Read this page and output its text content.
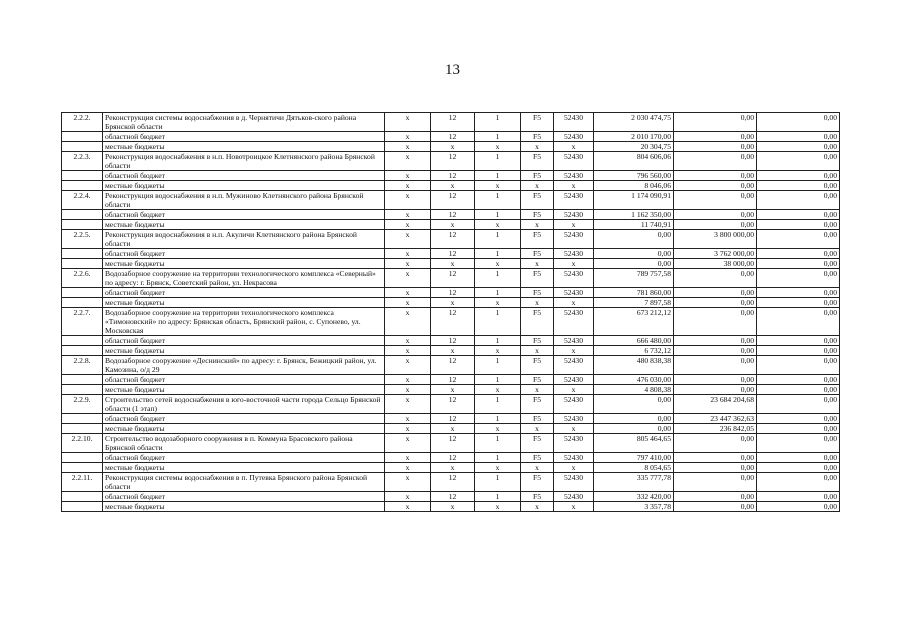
13
2.2.2.	Реконструкция системы водоснабжения в д. Чернятичи Дятьков-ского района Брянской области	x	12	1	F5	52430	2 030 474,75	0,00	0,00
	областной бюджет	x	12	1	F5	52430	2 010 170,00	0,00	0,00
	местные бюджеты	x	x	x	x	x	20 304,75	0,00	0,00
2.2.3.	Реконструкция водоснабжения в н.п. Новотроицкое Клетнянского района Брянской области	x	12	1	F5	52430	804 606,06	0,00	0,00
	областной бюджет	x	12	1	F5	52430	796 560,00	0,00	0,00
	местные бюджеты	x	x	x	x	x	8 046,06	0,00	0,00
2.2.4.	Реконструкция водоснабжения в н.п. Мужиново Клетнянского района Брянской области	x	12	1	F5	52430	1 174 090,91	0,00	0,00
	областной бюджет	x	12	1	F5	52430	1 162 350,00	0,00	0,00
	местные бюджеты	x	x	x	x	x	11 740,91	0,00	0,00
2.2.5.	Реконструкция водоснабжения в н.п. Акуличи Клетнянского района Брянской области	x	12	1	F5	52430	0,00	3 800 000,00	0,00
	областной бюджет	x	12	1	F5	52430	0,00	3 762 000,00	0,00
	местные бюджеты	x	x	x	x	x	0,00	38 000,00	0,00
2.2.6.	Водозаборное сооружение на территории технологического комплекса «Северный» по адресу: г. Брянск, Советский район, ул. Некрасова	x	12	1	F5	52430	789 757,58	0,00	0,00
	областной бюджет	x	12	1	F5	52430	781 860,00	0,00	0,00
	местные бюджеты	x	x	x	x	x	7 897,58	0,00	0,00
2.2.7.	Водозаборное сооружение на территории технологического комплекса «Тимоновский» по адресу: Брянская область, Брянский район, с. Супонево, ул. Московская	x	12	1	F5	52430	673 212,12	0,00	0,00
	областной бюджет	x	12	1	F5	52430	666 480,00	0,00	0,00
	местные бюджеты	x	x	x	x	x	6 732,12	0,00	0,00
2.2.8.	Водозаборное сооружение «Деснинский» по адресу: г. Брянск, Бежицкий район, ул. Камозина, о/д 29	x	12	1	F5	52430	480 838,38	0,00	0,00
	областной бюджет	x	12	1	F5	52430	476 030,00	0,00	0,00
	местные бюджеты	x	x	x	x	x	4 808,38	0,00	0,00
2.2.9.	Строительство сетей водоснабжения в юго-восточной части города Сельцо Брянской области (1 этап)	x	12	1	F5	52430	0,00	23 684 204,68	0,00
	областной бюджет	x	12	1	F5	52430	0,00	23 447 362,63	0,00
	местные бюджеты	x	x	x	x	x	0,00	236 842,05	0,00
2.2.10.	Строительство водозаборного сооружения в п. Коммуна Брасовского района Брянской области	x	12	1	F5	52430	805 464,65	0,00	0,00
	областной бюджет	x	12	1	F5	52430	797 410,00	0,00	0,00
	местные бюджеты	x	x	x	x	x	8 054,65	0,00	0,00
2.2.11.	Реконструкция системы водоснабжения в п. Путевка Брянского района Брянской области	x	12	1	F5	52430	335 777,78	0,00	0,00
	областной бюджет	x	12	1	F5	52430	332 420,00	0,00	0,00
	местные бюджеты	x	x	x	x	x	3 357,78	0,00	0,00
